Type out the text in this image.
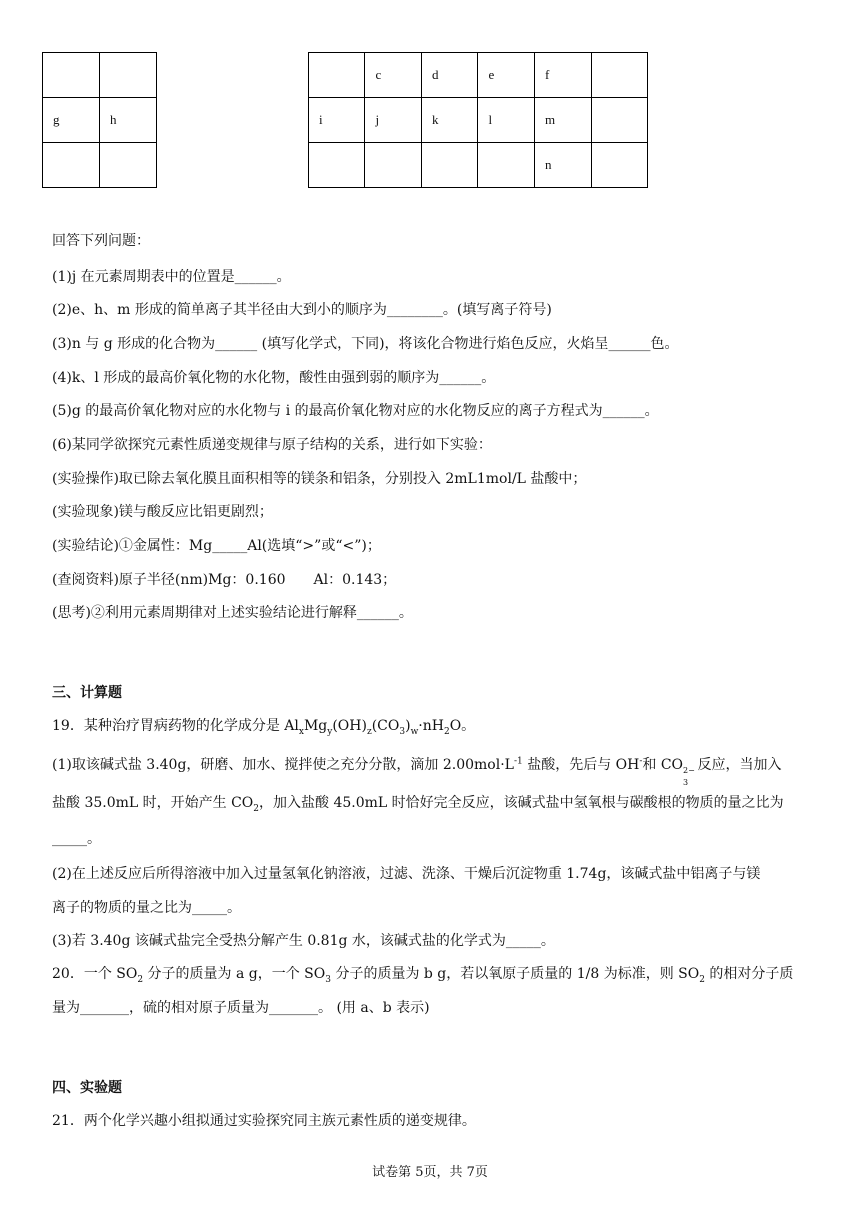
g	h

	c	d	e	f	
i	j	k	l	m	
				n	
回答下列问题：
(1)j 在元素周期表中的位置是______。
(2)e、h、m 形成的简单离子其半径由大到小的顺序为________。(填写离子符号)
(3)n 与 g 形成的化合物为______ (填写化学式，下同)，将该化合物进行焰色反应，火焰呈______色。
(4)k、l 形成的最高价氧化物的水化物，酸性由强到弱的顺序为______。
(5)g 的最高价氧化物对应的水化物与 i 的最高价氧化物对应的水化物反应的离子方程式为______。
(6)某同学欲探究元素性质递变规律与原子结构的关系，进行如下实验：
(实验操作)取已除去氧化膜且面积相等的镁条和铝条，分别投入 2mL1mol/L 盐酸中；
(实验现象)镁与酸反应比铝更剧烈；
(实验结论)①金属性：Mg_____Al(选填“>”或“<”)；
(查阅资料)原子半径(nm)Mg：0.160　　Al：0.143；
(思考)②利用元素周期律对上述实验结论进行解释______。
三、计算题
19．某种治疗胃病药物的化学成分是 $Al_xMg_y(OH)_z(CO_3)_w\cdot nH_2O$。
(1)取该碱式盐 3.40g，研磨、加水、搅拌使之充分分散，滴加 $2.00mol\cdot L^{-1}$ 盐酸，先后与 OH-和 CO 2−
3
反应，当加入
盐酸 35.0mL 时，开始产生 $CO_2$，加入盐酸 45.0mL 时恰好完全反应，该碱式盐中氢氧根与碳酸根的物质的量之比为
_____。
(2)在上述反应后所得溶液中加入过量氢氧化钠溶液，过滤、洗涤、干燥后沉淀物重 1.74g，该碱式盐中铝离子与镁
离子的物质的量之比为_____。
(3)若 3.40g 该碱式盐完全受热分解产生 0.81g 水，该碱式盐的化学式为_____。
20．一个 $SO_2$ 分子的质量为 a g，一个 $SO_3$ 分子的质量为 b g，若以氧原子质量的 1/8 为标准，则 $SO_2$ 的相对分子质
量为_______，硫的相对原子质量为_______。 (用 a、b 表示)
四、实验题
21．两个化学兴趣小组拟通过实验探究同主族元素性质的递变规律。
试卷第 5页，共 7页
